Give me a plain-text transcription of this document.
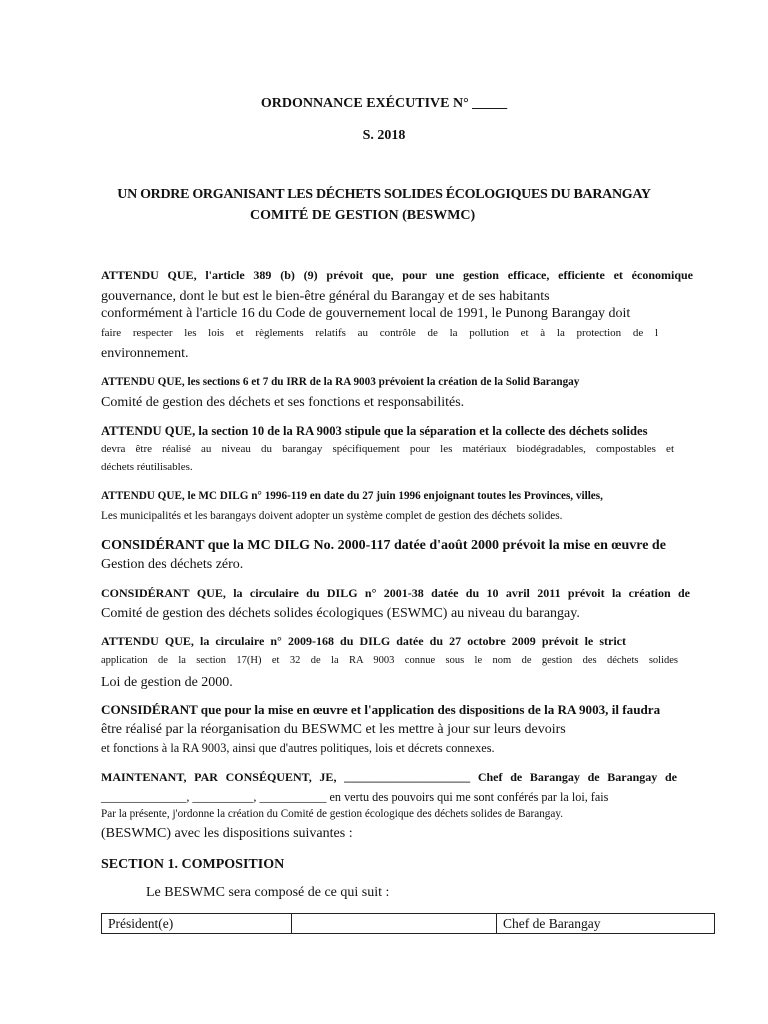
ORDONNANCE EXÉCUTIVE N° _____
S. 2018
UN ORDRE ORGANISANT LES DÉCHETS SOLIDES ÉCOLOGIQUES DU BARANGAY
COMITÉ DE GESTION (BESWMC)
ATTENDU QUE, l'article 389 (b) (9) prévoit que, pour une gestion efficace, efficiente et économique
gouvernance, dont le but est le bien-être général du Barangay et de ses habitants
conformément à l'article 16 du Code de gouvernement local de 1991, le Punong Barangay doit
faire respecter les lois et règlements relatifs au contrôle de la pollution et à la protection de l
environnement.
ATTENDU QUE, les sections 6 et 7 du IRR de la RA 9003 prévoient la création de la Solid Barangay
Comité de gestion des déchets et ses fonctions et responsabilités.
ATTENDU QUE, la section 10 de la RA 9003 stipule que la séparation et la collecte des déchets solides
devra être réalisé au niveau du barangay spécifiquement pour les matériaux biodégradables, compostables et
déchets réutilisables.
ATTENDU QUE, le MC DILG n° 1996-119 en date du 27 juin 1996 enjoignant toutes les Provinces, villes,
Les municipalités et les barangays doivent adopter un système complet de gestion des déchets solides.
CONSIDÉRANT que la MC DILG No. 2000-117 datée d'août 2000 prévoit la mise en œuvre de
Gestion des déchets zéro.
CONSIDÉRANT QUE, la circulaire du DILG n° 2001-38 datée du 10 avril 2011 prévoit la création de
Comité de gestion des déchets solides écologiques (ESWMC) au niveau du barangay.
ATTENDU QUE, la circulaire n° 2009-168 du DILG datée du 27 octobre 2009 prévoit le strict
application de la section 17(H) et 32 de la RA 9003 connue sous le nom de gestion des déchets solides
Loi de gestion de 2000.
CONSIDÉRANT que pour la mise en œuvre et l'application des dispositions de la RA 9003, il faudra
être réalisé par la réorganisation du BESWMC et les mettre à jour sur leurs devoirs
et fonctions à la RA 9003, ainsi que d'autres politiques, lois et décrets connexes.
MAINTENANT, PAR CONSÉQUENT, JE, _____________________ Chef de Barangay de Barangay de
______________, __________, ___________ en vertu des pouvoirs qui me sont conférés par la loi, fais
Par la présente, j'ordonne la création du Comité de gestion écologique des déchets solides de Barangay.
(BESWMC) avec les dispositions suivantes :
SECTION 1. COMPOSITION
Le BESWMC sera composé de ce qui suit :
Président(e)		Chef de Barangay
